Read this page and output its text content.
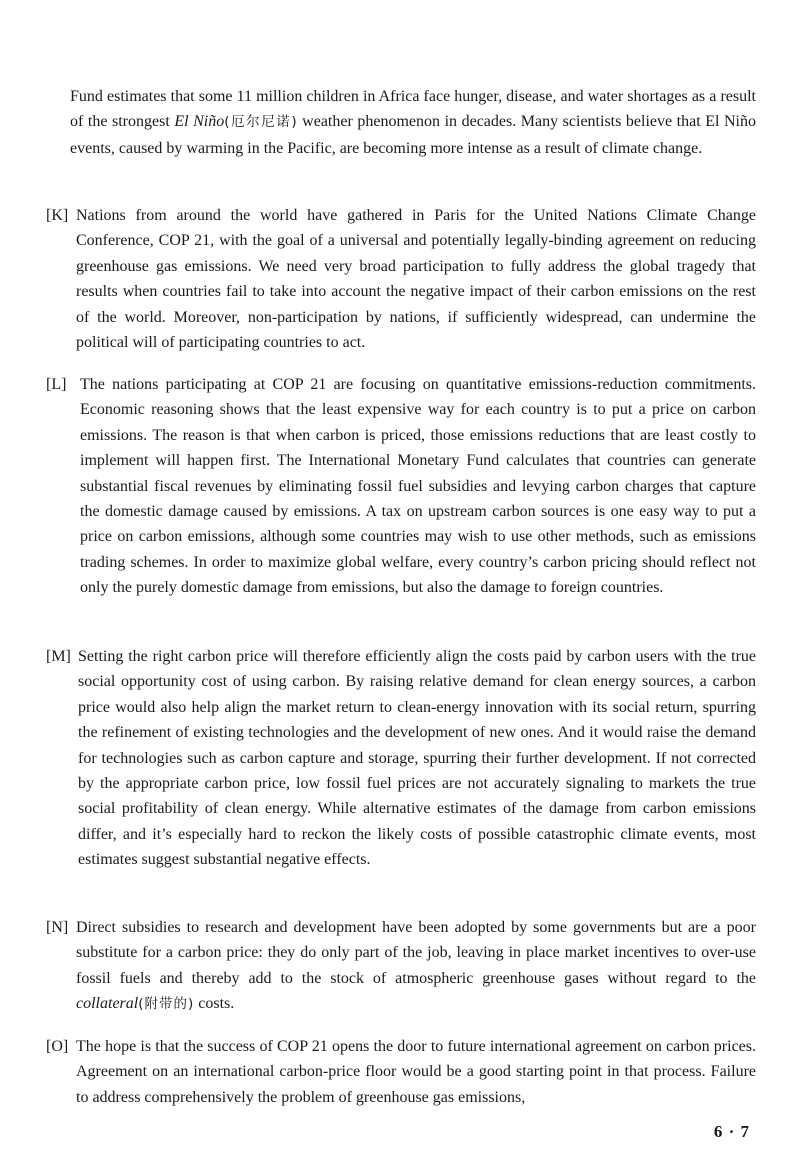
Fund estimates that some 11 million children in Africa face hunger, disease, and water shortages as a result of the strongest El Niño(厄尔尼诺) weather phenomenon in decades. Many scientists believe that El Niño events, caused by warming in the Pacific, are becoming more intense as a result of climate change.

[K] Nations from around the world have gathered in Paris for the United Nations Climate Change Conference, COP 21, with the goal of a universal and potentially legally-binding agreement on reducing greenhouse gas emissions. We need very broad participation to fully address the global tragedy that results when countries fail to take into account the negative impact of their carbon emissions on the rest of the world. Moreover, non-participation by nations, if sufficiently widespread, can undermine the political will of participating countries to act.

[L] The nations participating at COP 21 are focusing on quantitative emissions-reduction commitments. Economic reasoning shows that the least expensive way for each country is to put a price on carbon emissions. The reason is that when carbon is priced, those emissions reductions that are least costly to implement will happen first. The International Monetary Fund calculates that countries can generate substantial fiscal revenues by eliminating fossil fuel subsidies and levying carbon charges that capture the domestic damage caused by emissions. A tax on upstream carbon sources is one easy way to put a price on carbon emissions, although some countries may wish to use other methods, such as emissions trading schemes. In order to maximize global welfare, every country’s carbon pricing should reflect not only the purely domestic damage from emissions, but also the damage to foreign countries.

[M] Setting the right carbon price will therefore efficiently align the costs paid by carbon users with the true social opportunity cost of using carbon. By raising relative demand for clean energy sources, a carbon price would also help align the market return to clean-energy innovation with its social return, spurring the refinement of existing technologies and the development of new ones. And it would raise the demand for technologies such as carbon capture and storage, spurring their further development. If not corrected by the appropriate carbon price, low fossil fuel prices are not accurately signaling to markets the true social profitability of clean energy. While alternative estimates of the damage from carbon emissions differ, and it’s especially hard to reckon the likely costs of possible catastrophic climate events, most estimates suggest substantial negative effects.

[N] Direct subsidies to research and development have been adopted by some governments but are a poor substitute for a carbon price: they do only part of the job, leaving in place market incentives to over-use fossil fuels and thereby add to the stock of atmospheric greenhouse gases without regard to the collateral(附带的) costs.

[O] The hope is that the success of COP 21 opens the door to future international agreement on carbon prices. Agreement on an international carbon-price floor would be a good starting point in that process. Failure to address comprehensively the problem of greenhouse gas emissions,

6 · 7
